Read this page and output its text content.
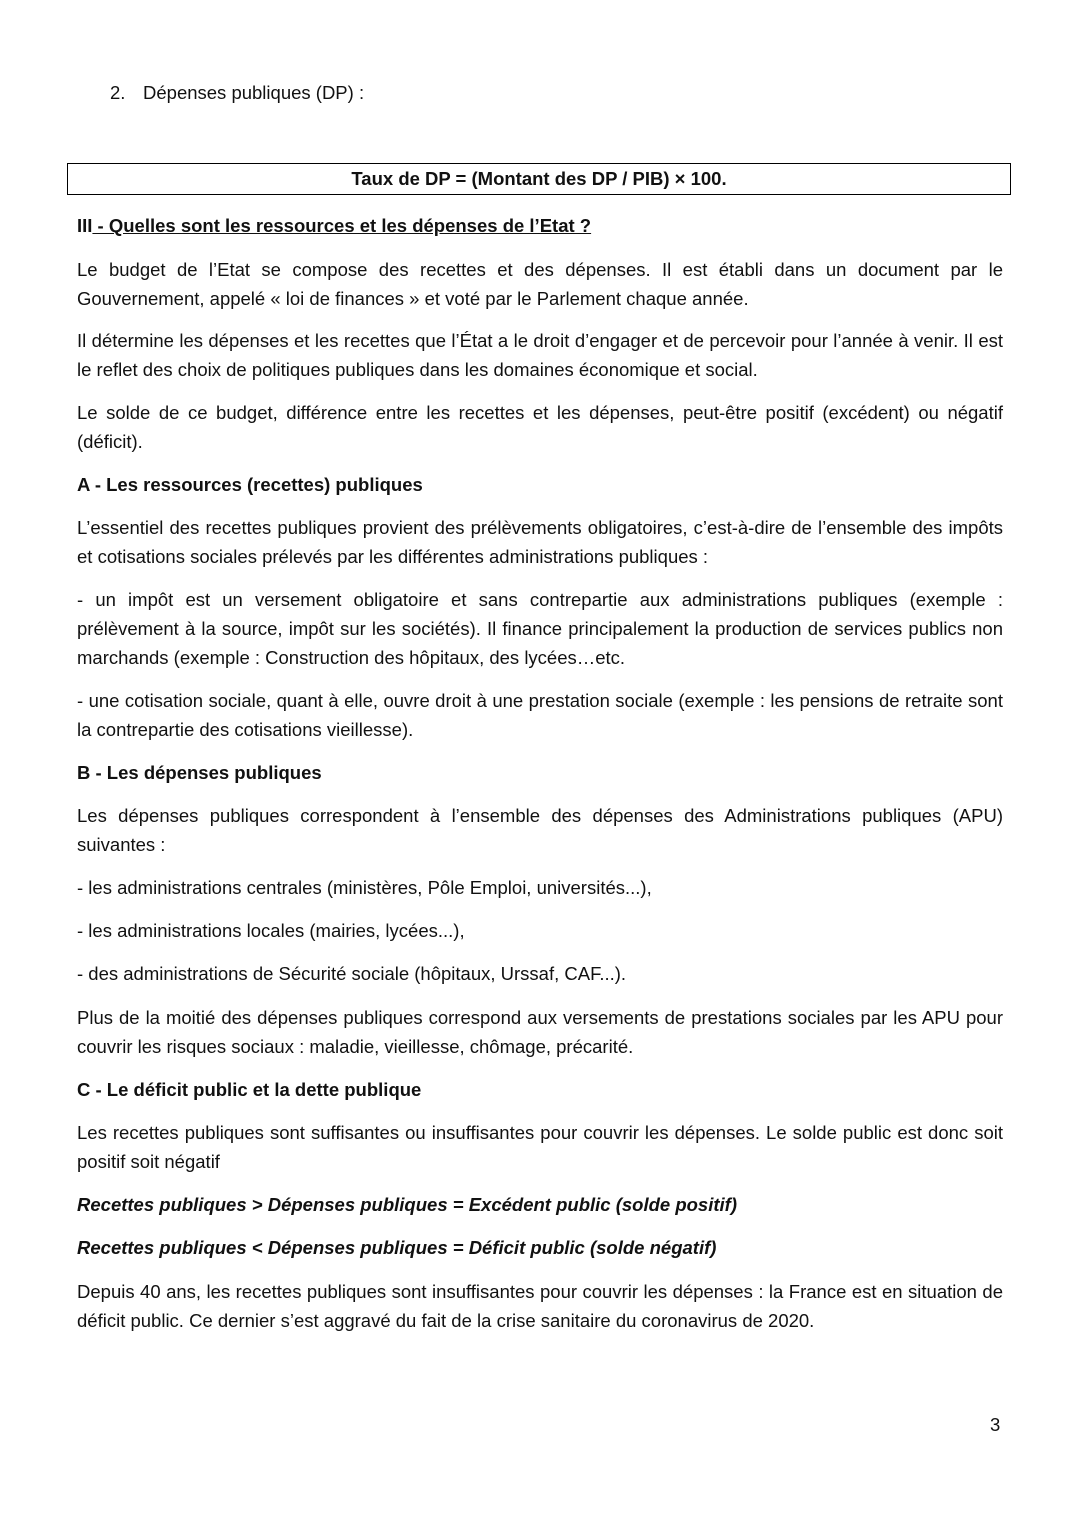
2. Dépenses publiques (DP) :
Taux de DP = (Montant des DP / PIB) × 100.

III - Quelles sont les ressources et les dépenses de l’Etat ?

Le budget de l’Etat se compose des recettes et des dépenses. Il est établi dans un document par le Gouvernement, appelé « loi de finances » et voté par le Parlement chaque année.

Il détermine les dépenses et les recettes que l’État a le droit d’engager et de percevoir pour l’année à venir. Il est le reflet des choix de politiques publiques dans les domaines économique et social.

Le solde de ce budget, différence entre les recettes et les dépenses, peut-être positif (excédent) ou négatif (déficit).

A - Les ressources (recettes) publiques

L’essentiel des recettes publiques provient des prélèvements obligatoires, c’est-à-dire de l’ensemble des impôts et cotisations sociales prélevés par les différentes administrations publiques :

- un impôt est un versement obligatoire et sans contrepartie aux administrations publiques (exemple : prélèvement à la source, impôt sur les sociétés). Il finance principalement la production de services publics non marchands (exemple : Construction des hôpitaux, des lycées…etc.

- une cotisation sociale, quant à elle, ouvre droit à une prestation sociale (exemple : les pensions de retraite sont la contrepartie des cotisations vieillesse).

B - Les dépenses publiques

Les dépenses publiques correspondent à l’ensemble des dépenses des Administrations publiques (APU) suivantes :

- les administrations centrales (ministères, Pôle Emploi, universités...),

- les administrations locales (mairies, lycées...),

- des administrations de Sécurité sociale (hôpitaux, Urssaf, CAF...).

Plus de la moitié des dépenses publiques correspond aux versements de prestations sociales par les APU pour couvrir les risques sociaux : maladie, vieillesse, chômage, précarité.

C - Le déficit public et la dette publique

Les recettes publiques sont suffisantes ou insuffisantes pour couvrir les dépenses. Le solde public est donc soit positif soit négatif

Recettes publiques > Dépenses publiques = Excédent public (solde positif)

Recettes publiques < Dépenses publiques = Déficit public (solde négatif)

Depuis 40 ans, les recettes publiques sont insuffisantes pour couvrir les dépenses : la France est en situation de déficit public. Ce dernier s’est aggravé du fait de la crise sanitaire du coronavirus de 2020.

3
